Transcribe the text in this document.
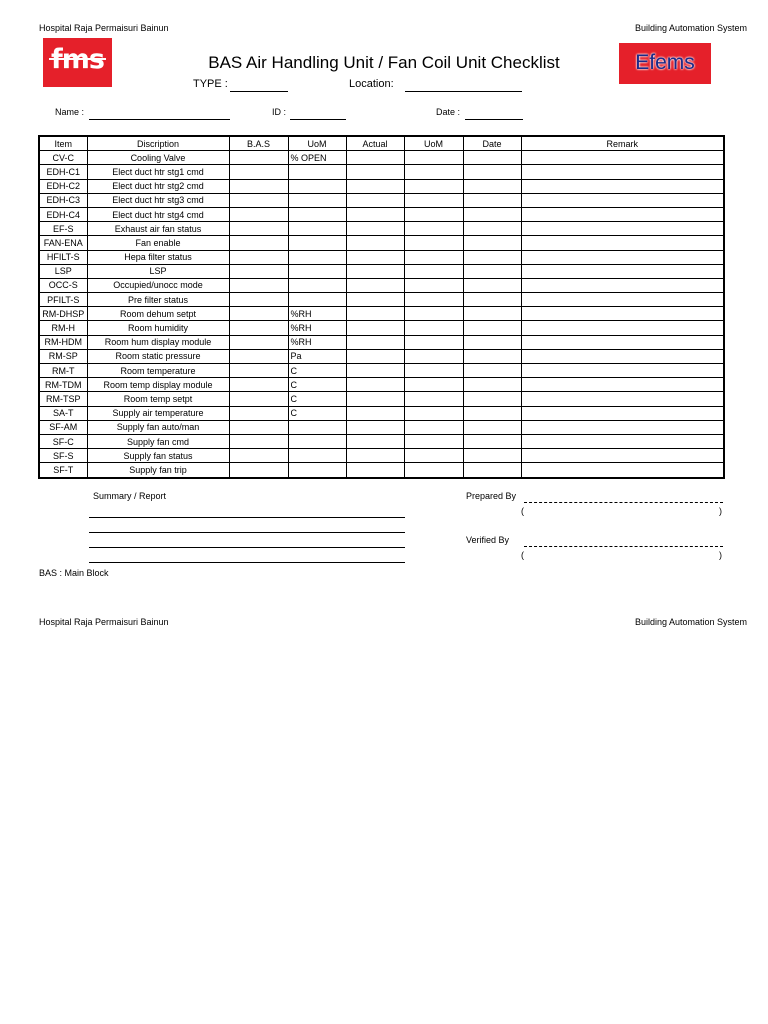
Hospital Raja Permaisuri Bainun	Building Automation System
fms	Efems
BAS Air Handling Unit / Fan Coil Unit Checklist
TYPE :	Location:
Name :	ID :	Date :
Item	Discription	B.A.S	UoM	Actual	UoM	Date	Remark
CV-C	Cooling Valve		% OPEN				
EDH-C1	Elect duct htr stg1 cmd						
EDH-C2	Elect duct htr stg2 cmd						
EDH-C3	Elect duct htr stg3 cmd						
EDH-C4	Elect duct htr stg4 cmd						
EF-S	Exhaust air fan status						
FAN-ENA	Fan enable						
HFILT-S	Hepa filter status						
LSP	LSP						
OCC-S	Occupied/unocc mode						
PFILT-S	Pre filter status						
RM-DHSP	Room dehum setpt		%RH				
RM-H	Room humidity		%RH				
RM-HDM	Room hum display module		%RH				
RM-SP	Room static pressure		Pa				
RM-T	Room temperature		C				
RM-TDM	Room temp display module		C				
RM-TSP	Room temp setpt		C				
SA-T	Supply air temperature		C				
SF-AM	Supply fan auto/man						
SF-C	Supply fan cmd						
SF-S	Supply fan status						
SF-T	Supply fan trip						
Summary / Report	Prepared By
(	)
Verified By
(	)
BAS : Main Block
Hospital Raja Permaisuri Bainun	Building Automation System
